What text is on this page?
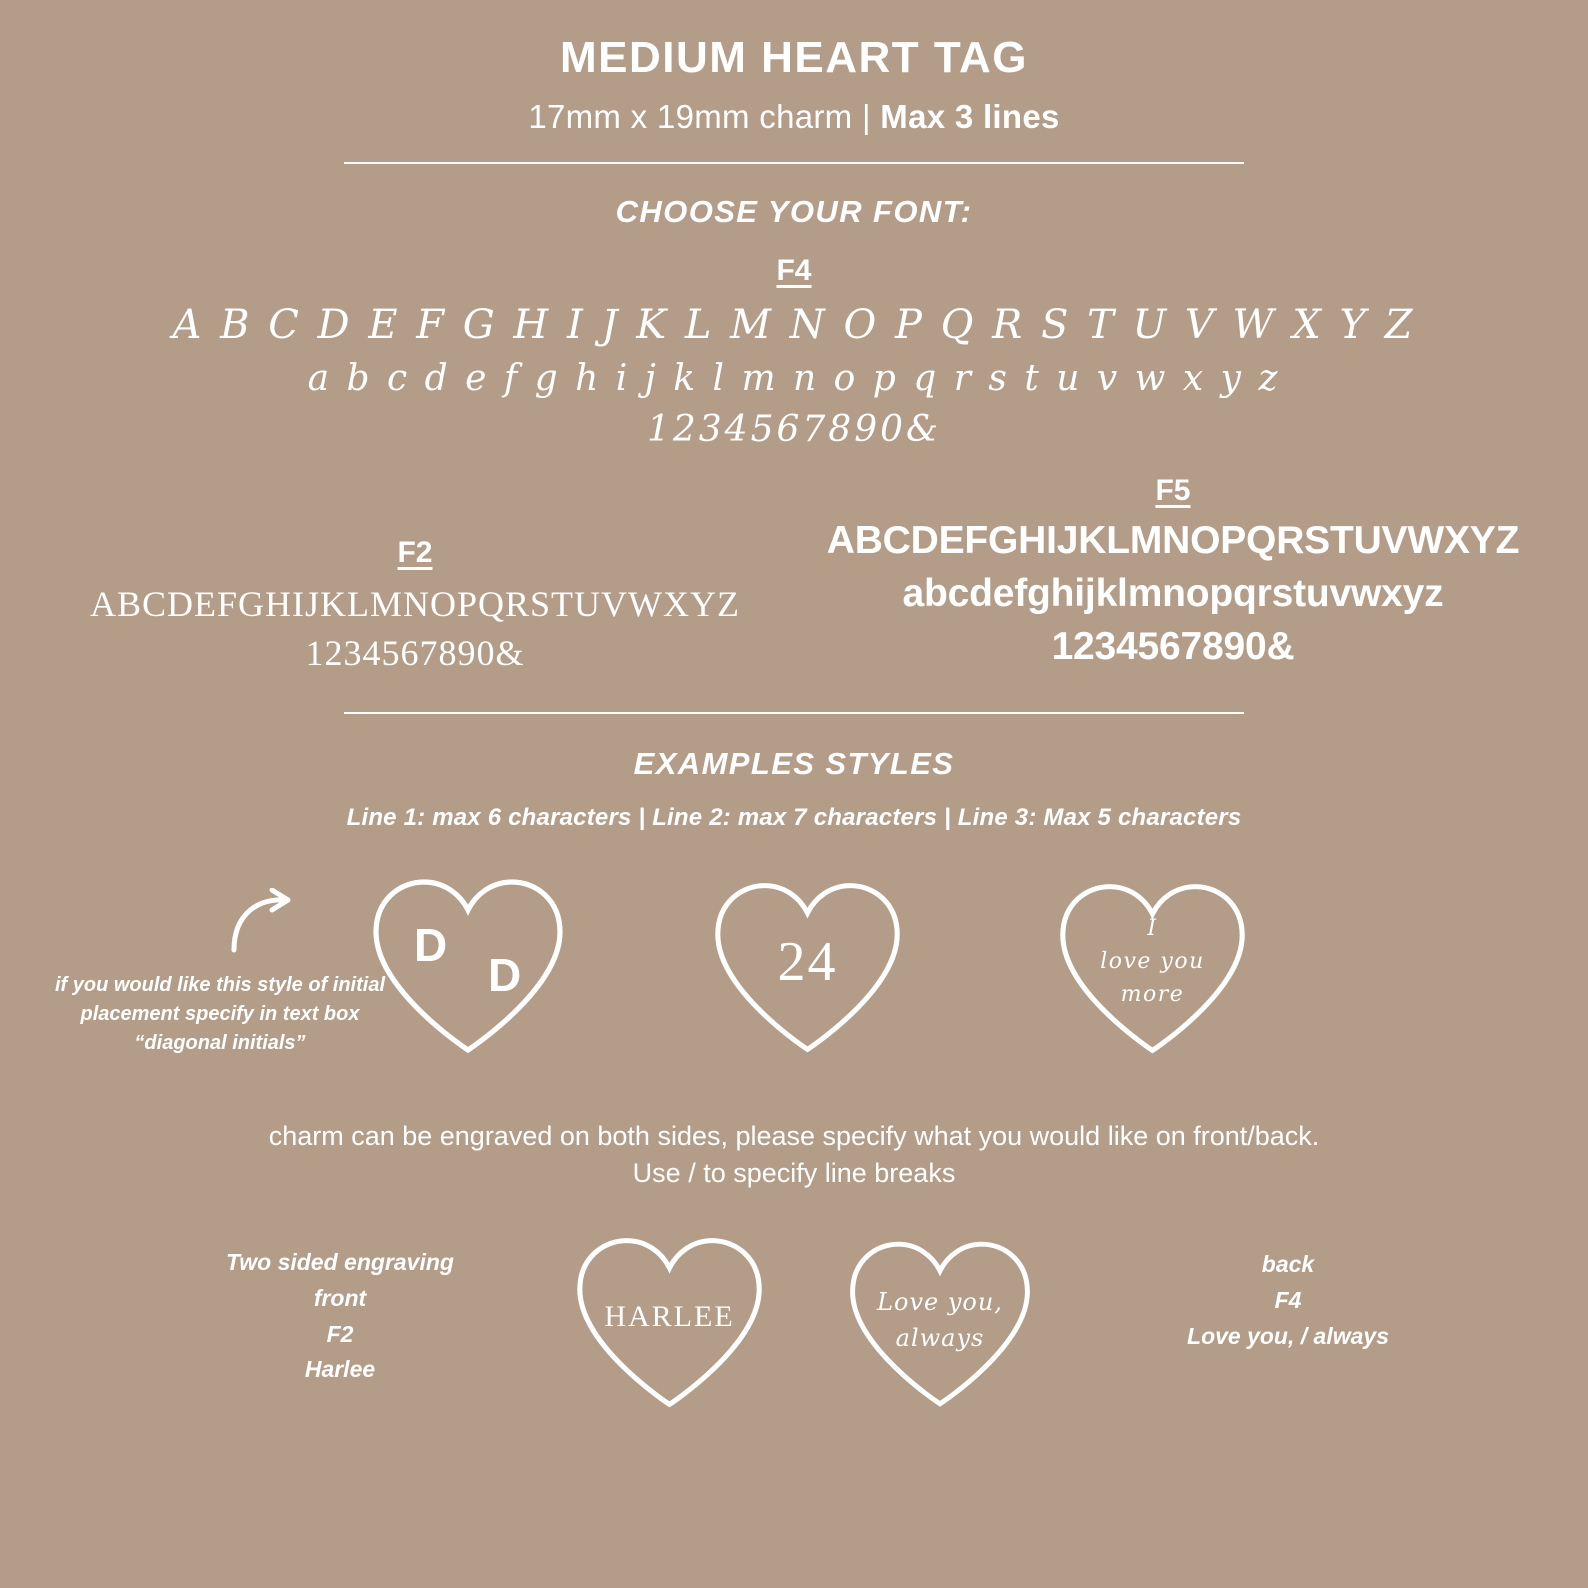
MEDIUM HEART TAG
17mm x 19mm charm | Max 3 lines
CHOOSE YOUR FONT:
F4
A B C D E F G H I J K L M N O P Q R S T U V W X Y Z
a b c d e f g h i j k l m n o p q r s t u v w x y z
1234567890&
F2
ABCDEFGHIJKLMNOPQRSTUVWXYZ
1234567890&
F5
ABCDEFGHIJKLMNOPQRSTUVWXYZ
abcdefghijklmnopqrstuvwxyz
1234567890&
EXAMPLES STYLES
Line 1: max 6 characters | Line 2: max 7 characters | Line 3: Max 5 characters
if you would like this style of initial placement specify in text box “diagonal initials”
D
D	24
I
love you
more
charm can be engraved on both sides, please specify what you would like on front/back.
Use / to specify line breaks
Two sided engraving
front
F2
Harlee
HARLEE	Love you,
always
back
F4
Love you, / always
